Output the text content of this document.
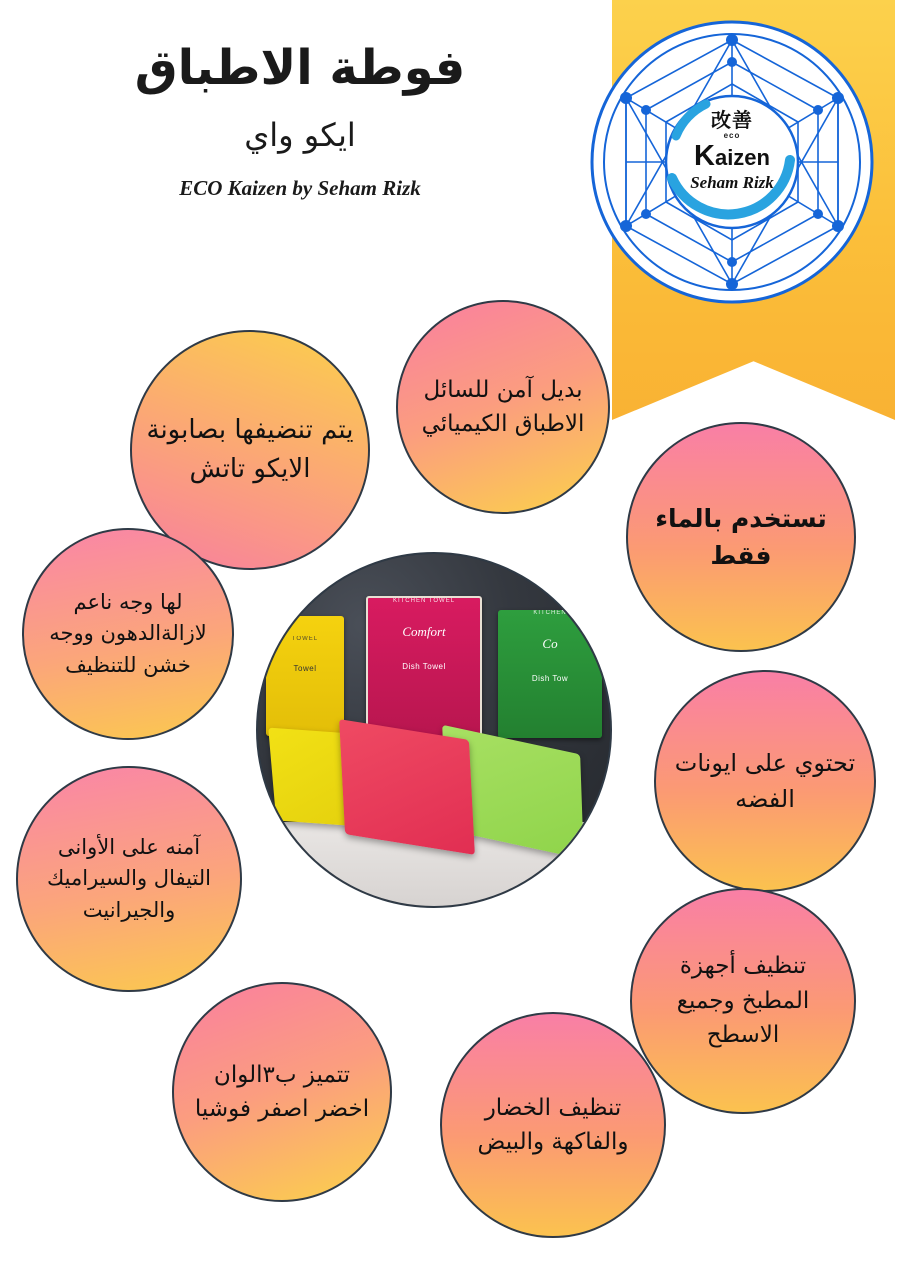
改善
eco
Kaizen
Seham Rizk
فوطة الاطباق
ايكو واي
ECO Kaizen by Seham Rizk
TOWEL
Towel
KITCHEN TOWEL
Comfort
Dish Towel
KITCHEN
Co
Dish Tow
بديل آمن للسائل الاطباق الكيميائي
يتم تنضيفها بصابونة الايكو تاتش
تستخدم بالماء فقط
لها وجه ناعم لازالةالدهون ووجه خشن للتنظيف
تحتوي على ايونات الفضه
آمنه على الأوانى التيفال والسيراميك والجيرانيت
تنظيف أجهزة المطبخ وجميع الاسطح
تتميز ب٣الوان اخضر اصفر فوشيا	تنظيف الخضار والفاكهة والبيض
